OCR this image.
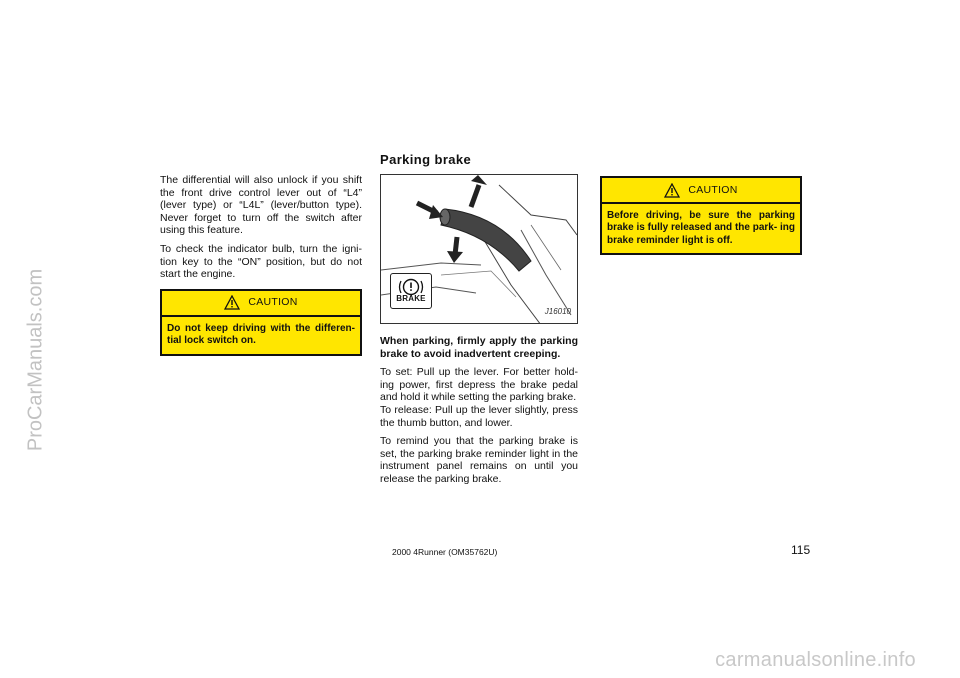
ProCarManuals.com

The differential will also unlock if you shift the front drive control lever out of “L4” (lever type) or “L4L” (lever/button type). Never forget to turn off the switch after using this feature.

To check the indicator bulb, turn the igni- tion key to the “ON” position, but do not start the engine.

CAUTION
Do not keep driving with the differen- tial lock switch on.
Parking brake
BRAKE
J16010

When parking, firmly apply the parking brake to avoid inadvertent creeping.

To set: Pull up the lever. For better hold- ing power, first depress the brake pedal and hold it while setting the parking brake.
To release: Pull up the lever slightly, press the thumb button, and lower.

To remind you that the parking brake is set, the parking brake reminder light in the instrument panel remains on until you release the parking brake.

CAUTION
Before driving, be sure the parking brake is fully released and the park- ing brake reminder light is off.
2000 4Runner (OM35762U)	115
carmanualsonline.info
